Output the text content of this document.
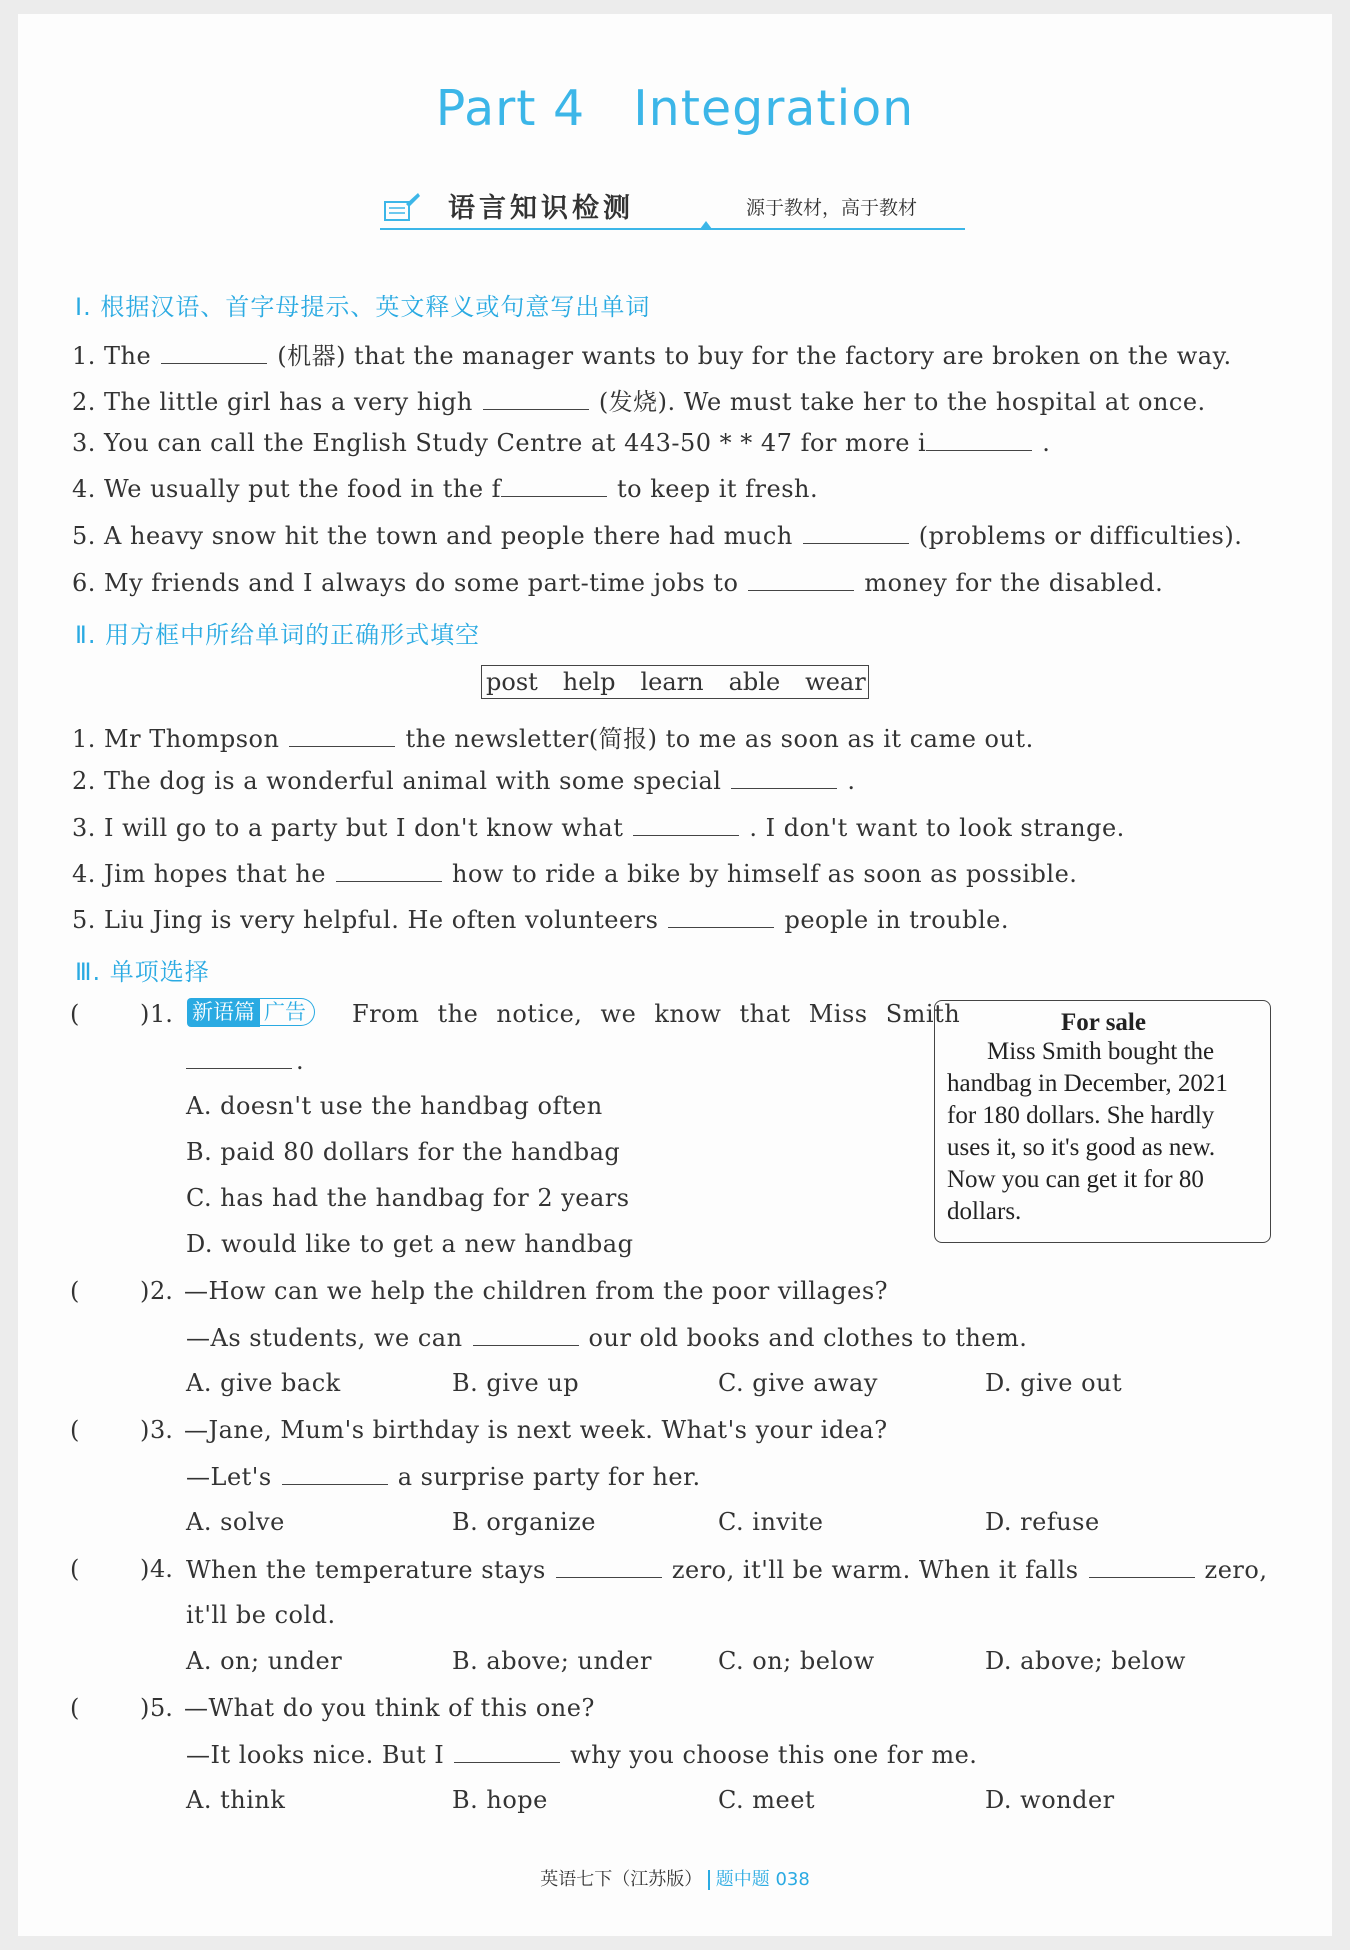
Part 4 Integration
语言知识检测	源于教材，高于教材
Ⅰ. 根据汉语、首字母提示、英文释义或句意写出单词
1. The	(机器) that the manager wants to buy for the factory are broken on the way.
2. The little girl has a very high	(发烧). We must take her to the hospital at once.
3. You can call the English Study Centre at 443-50 * * 47 for more i	.
4. We usually put the food in the f	to keep it fresh.
5. A heavy snow hit the town and people there had much	(problems or difficulties).
6. My friends and I always do some part-time jobs to	money for the disabled.
Ⅱ. 用方框中所给单词的正确形式填空
post help learn able wear
1. Mr Thompson	the newsletter(简报) to me as soon as it came out.
2. The dog is a wonderful animal with some special	.
3. I will go to a party but I don't know what	. I don't want to look strange.
4. Jim hopes that he	how to ride a bike by himself as soon as possible.
5. Liu Jing is very helpful. He often volunteers	people in trouble.
Ⅲ. 单项选择
(	) 1. 新语篇 广告	From the notice, we know that Miss Smith
.
A. doesn't use the handbag often
B. paid 80 dollars for the handbag
C. has had the handbag for 2 years
D. would like to get a new handbag
For sale
Miss Smith bought the handbag in December, 2021 for 180 dollars. She hardly uses it, so it's good as new. Now you can get it for 80 dollars.
(	) 2. —How can we help the children from the poor villages?
—As students, we can	our old books and clothes to them.
A. give back	B. give up	C. give away	D. give out
(	) 3. —Jane, Mum's birthday is next week. What's your idea?
—Let's	a surprise party for her.
A. solve	B. organize	C. invite	D. refuse
(	) 4. When the temperature stays	zero, it'll be warm. When it falls	zero,
it'll be cold.
A. on; under	B. above; under	C. on; below	D. above; below
(	) 5. —What do you think of this one?
—It looks nice. But I	why you choose this one for me.
A. think	B. hope	C. meet	D. wonder
英语七下（江苏版） 题中题 038
